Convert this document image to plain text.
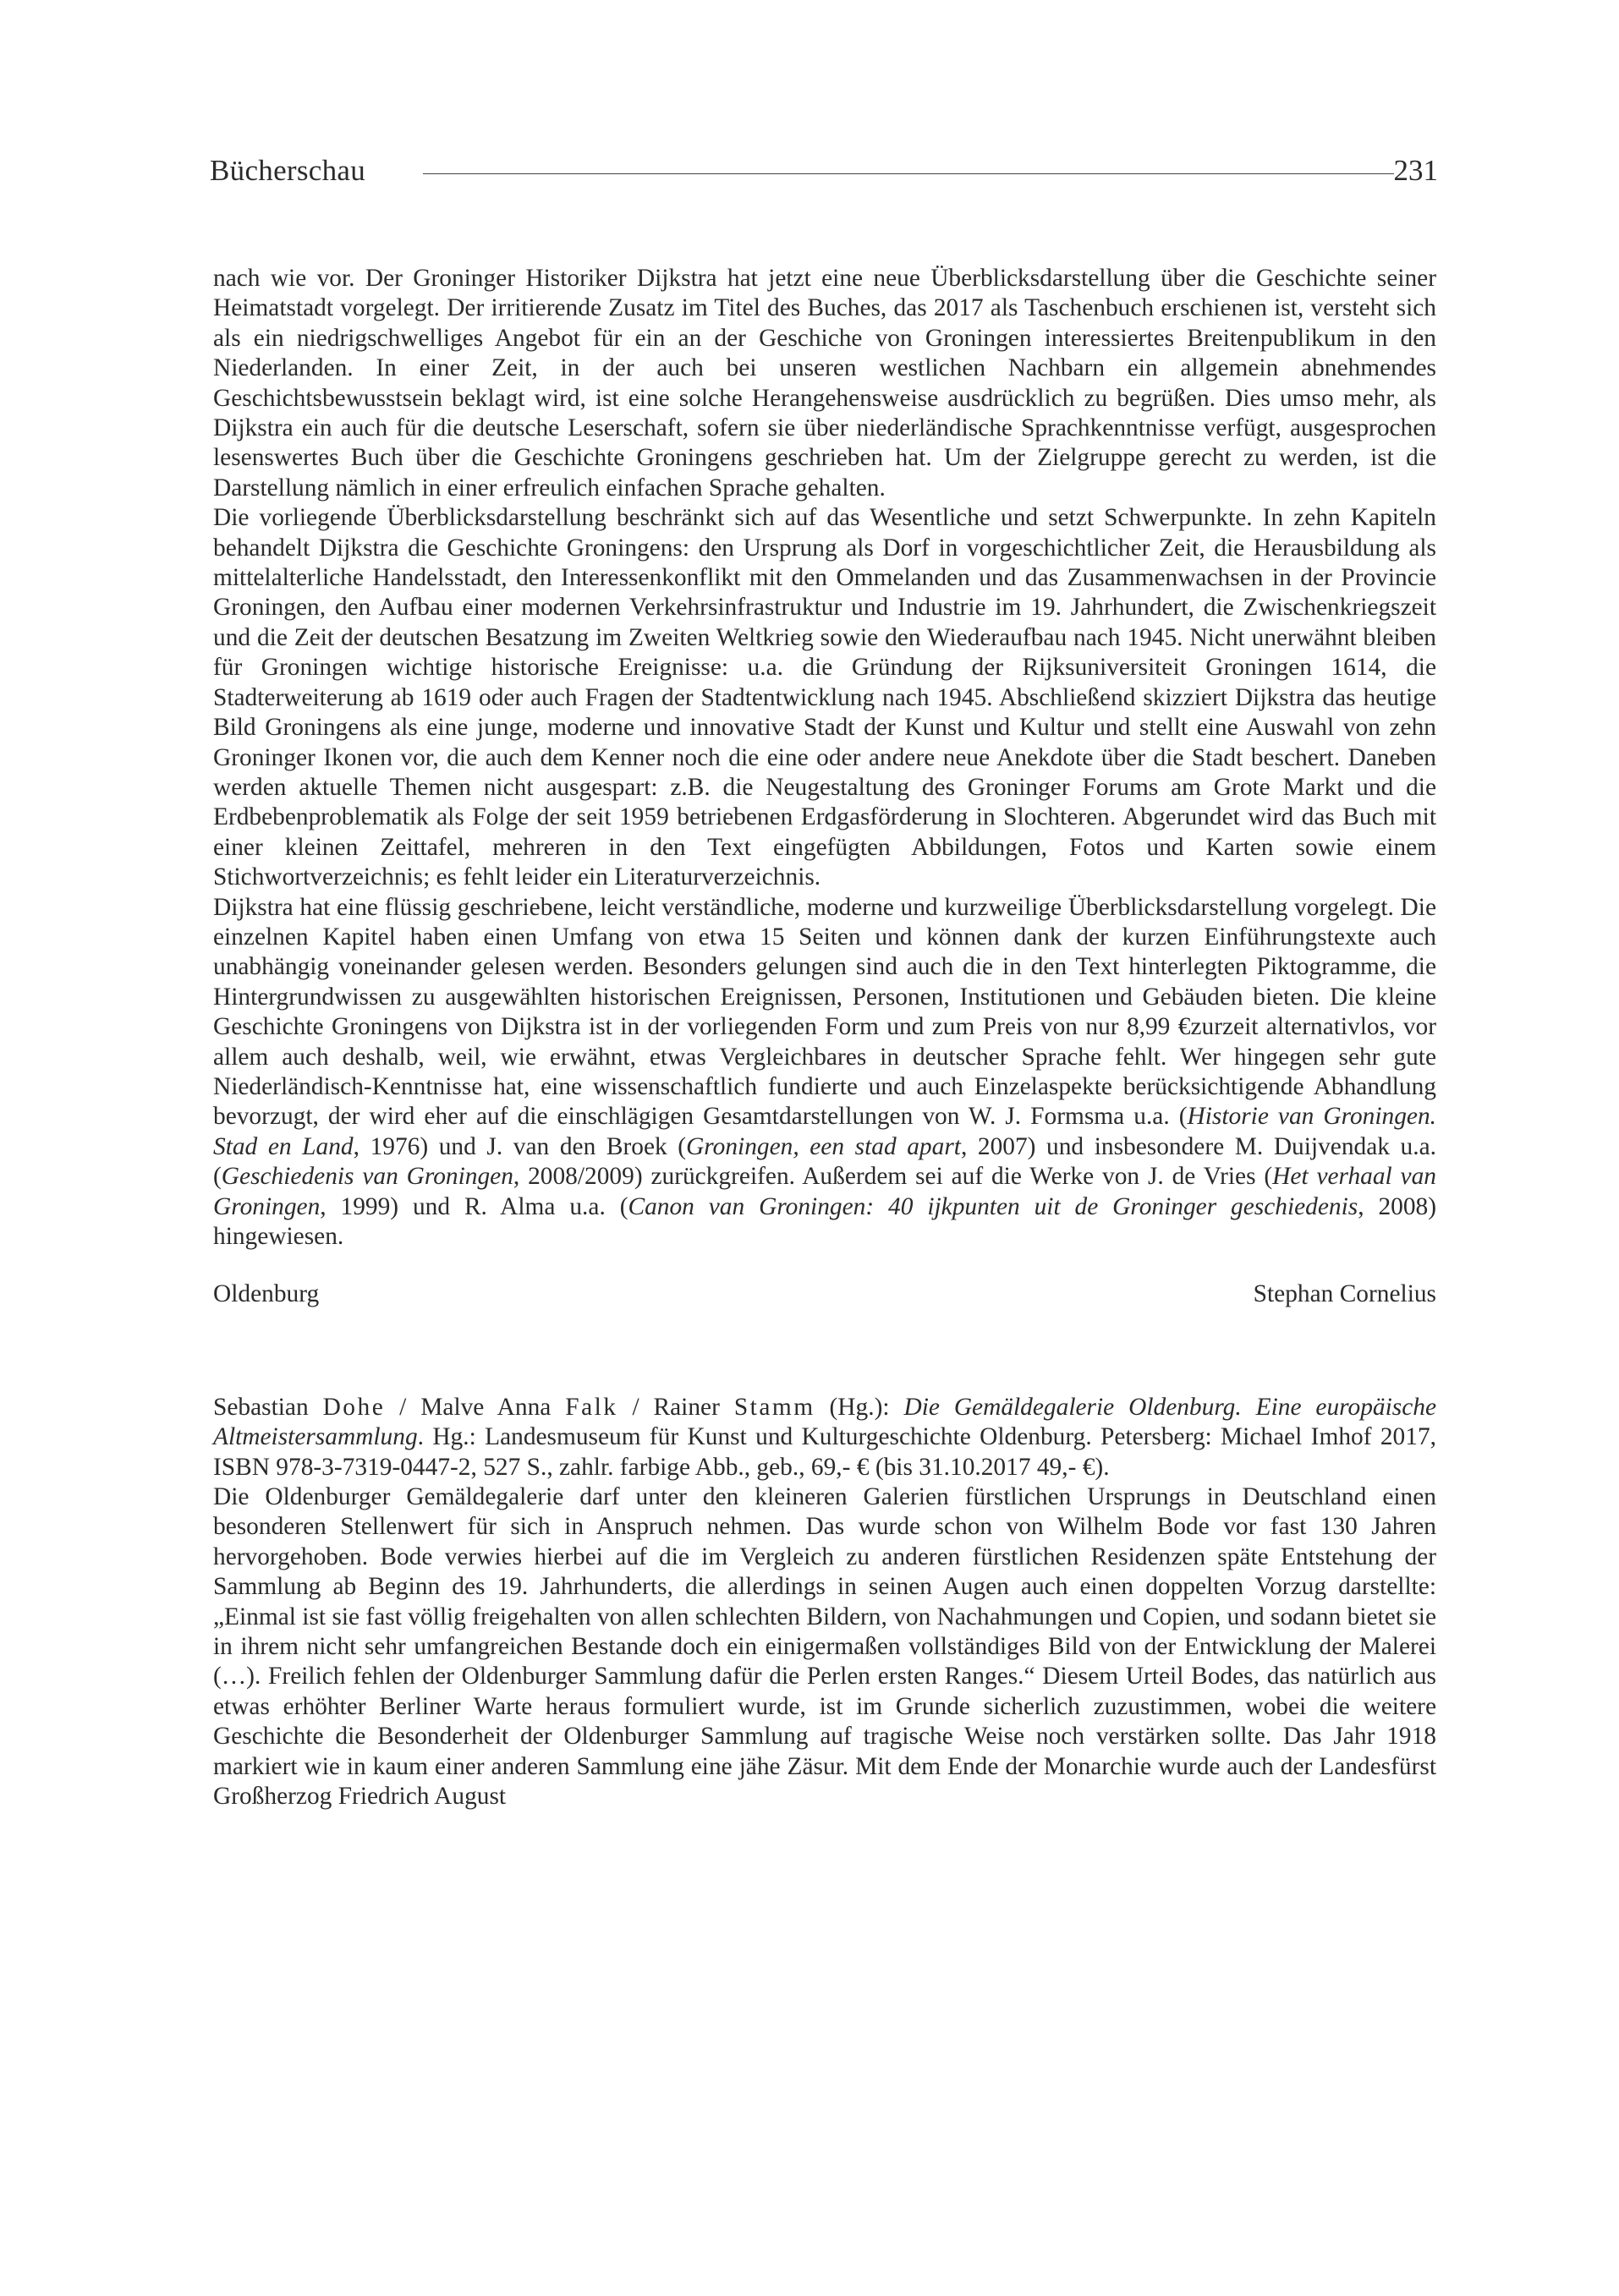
Bücherschau	231

nach wie vor. Der Groninger Historiker Dijkstra hat jetzt eine neue Überblicksdarstellung über die Geschichte seiner Heimatstadt vorgelegt. Der irritierende Zusatz im Titel des Buches, das 2017 als Taschenbuch erschienen ist, versteht sich als ein niedrigschwelliges Angebot für ein an der Geschiche von Groningen interessiertes Breitenpublikum in den Niederlanden. In einer Zeit, in der auch bei unseren westlichen Nachbarn ein allgemein abnehmendes Geschichtsbewusstsein beklagt wird, ist eine solche Herangehensweise ausdrücklich zu begrüßen. Dies umso mehr, als Dijkstra ein auch für die deutsche Leserschaft, sofern sie über niederländische Sprachkenntnisse verfügt, ausgesprochen lesenswertes Buch über die Geschichte Groningens geschrieben hat. Um der Zielgruppe gerecht zu werden, ist die Darstellung nämlich in einer erfreulich einfachen Sprache gehalten.

Die vorliegende Überblicksdarstellung beschränkt sich auf das Wesentliche und setzt Schwerpunkte. In zehn Kapiteln behandelt Dijkstra die Geschichte Groningens: den Ursprung als Dorf in vorgeschichtlicher Zeit, die Herausbildung als mittelalterliche Handelsstadt, den Interessenkonflikt mit den Ommelanden und das Zusammenwachsen in der Provincie Groningen, den Aufbau einer modernen Verkehrsinfrastruktur und Industrie im 19. Jahrhundert, die Zwischenkriegszeit und die Zeit der deutschen Besatzung im Zweiten Weltkrieg sowie den Wiederaufbau nach 1945. Nicht unerwähnt bleiben für Groningen wichtige historische Ereignisse: u.a. die Gründung der Rijksuniversiteit Groningen 1614, die Stadterweiterung ab 1619 oder auch Fragen der Stadtentwicklung nach 1945. Abschließend skizziert Dijkstra das heutige Bild Groningens als eine junge, moderne und innovative Stadt der Kunst und Kultur und stellt eine Auswahl von zehn Groninger Ikonen vor, die auch dem Kenner noch die eine oder andere neue Anekdote über die Stadt beschert. Daneben werden aktuelle Themen nicht ausgespart: z.B. die Neugestaltung des Groninger Forums am Grote Markt und die Erdbebenproblematik als Folge der seit 1959 betriebenen Erdgasförderung in Slochteren. Abgerundet wird das Buch mit einer kleinen Zeittafel, mehreren in den Text eingefügten Abbildungen, Fotos und Karten sowie einem Stichwortverzeichnis; es fehlt leider ein Literaturverzeichnis.

Dijkstra hat eine flüssig geschriebene, leicht verständliche, moderne und kurzweilige Überblicksdarstellung vorgelegt. Die einzelnen Kapitel haben einen Umfang von etwa 15 Seiten und können dank der kurzen Einführungstexte auch unabhängig voneinander gelesen werden. Besonders gelungen sind auch die in den Text hinterlegten Piktogramme, die Hintergrundwissen zu ausgewählten historischen Ereignissen, Personen, Institutionen und Gebäuden bieten. Die kleine Geschichte Groningens von Dijkstra ist in der vorliegenden Form und zum Preis von nur 8,99 €zurzeit alternativlos, vor allem auch deshalb, weil, wie erwähnt, etwas Vergleichbares in deutscher Sprache fehlt. Wer hingegen sehr gute Niederländisch-Kenntnisse hat, eine wissenschaftlich fundierte und auch Einzelaspekte berücksichtigende Abhandlung bevorzugt, der wird eher auf die einschlägigen Gesamtdarstellungen von W. J. Formsma u.a. (Historie van Groningen. Stad en Land, 1976) und J. van den Broek (Groningen, een stad apart, 2007) und insbesondere M. Duijvendak u.a. (Geschiedenis van Groningen, 2008/2009) zurückgreifen. Außerdem sei auf die Werke von J. de Vries (Het verhaal van Groningen, 1999) und R. Alma u.a. (Canon van Groningen: 40 ijkpunten uit de Groninger geschiedenis, 2008) hingewiesen.

Oldenburg	Stephan Cornelius

Sebastian Dohe / Malve Anna Falk / Rainer Stamm (Hg.): Die Gemäldegalerie Oldenburg. Eine europäische Altmeistersammlung. Hg.: Landesmuseum für Kunst und Kulturgeschichte Oldenburg. Petersberg: Michael Imhof 2017, ISBN 978-3-7319-0447-2, 527 S., zahlr. farbige Abb., geb., 69,- € (bis 31.10.2017 49,- €).

Die Oldenburger Gemäldegalerie darf unter den kleineren Galerien fürstlichen Ursprungs in Deutschland einen besonderen Stellenwert für sich in Anspruch nehmen. Das wurde schon von Wilhelm Bode vor fast 130 Jahren hervorgehoben. Bode verwies hierbei auf die im Vergleich zu anderen fürstlichen Residenzen späte Entstehung der Sammlung ab Beginn des 19. Jahrhunderts, die allerdings in seinen Augen auch einen doppelten Vorzug darstellte: „Einmal ist sie fast völlig freigehalten von allen schlechten Bildern, von Nachahmungen und Copien, und sodann bietet sie in ihrem nicht sehr umfangreichen Bestande doch ein einigermaßen vollständiges Bild von der Entwicklung der Malerei (…). Freilich fehlen der Oldenburger Sammlung dafür die Perlen ersten Ranges.“ Diesem Urteil Bodes, das natürlich aus etwas erhöhter Berliner Warte heraus formuliert wurde, ist im Grunde sicherlich zuzustimmen, wobei die weitere Geschichte die Besonderheit der Oldenburger Sammlung auf tragische Weise noch verstärken sollte. Das Jahr 1918 markiert wie in kaum einer anderen Sammlung eine jähe Zäsur. Mit dem Ende der Monarchie wurde auch der Landesfürst Großherzog Friedrich August
